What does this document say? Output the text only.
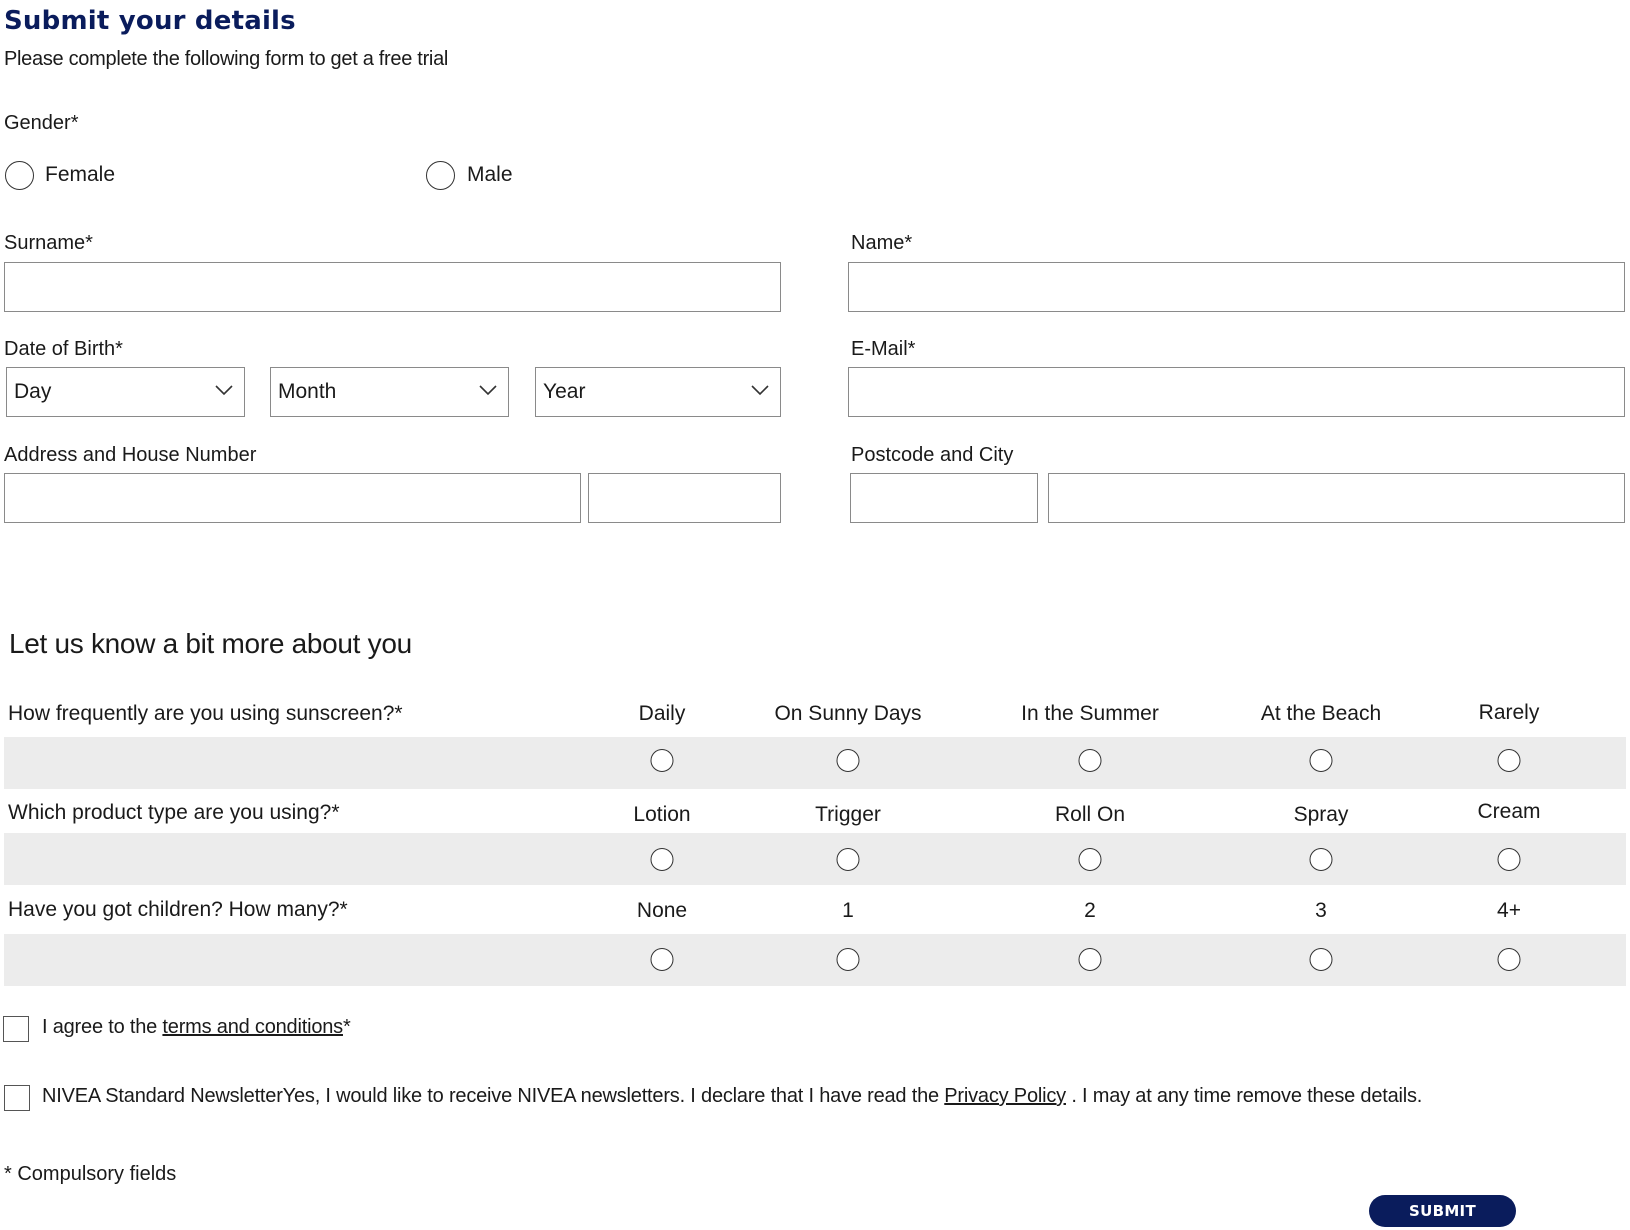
Submit your details
Please complete the following form to get a free trial
Gender*
Female	Male
Surname*	Name*
Date of Birth*
Day	Month	Year
E-Mail*
Address and House Number	Postcode and City
Let us know a bit more about you
How frequently are you using sunscreen?*	Daily	On Sunny Days	In the Summer	At the Beach	Rarely
Which product type are you using?*	Lotion	Trigger	Roll On	Spray	Cream
Have you got children? How many?*	None	1	2	3	4+
I agree to the terms and conditions*
NIVEA Standard NewsletterYes, I would like to receive NIVEA newsletters. I declare that I have read the Privacy Policy . I may at any time remove these details.
* Compulsory fields
SUBMIT
